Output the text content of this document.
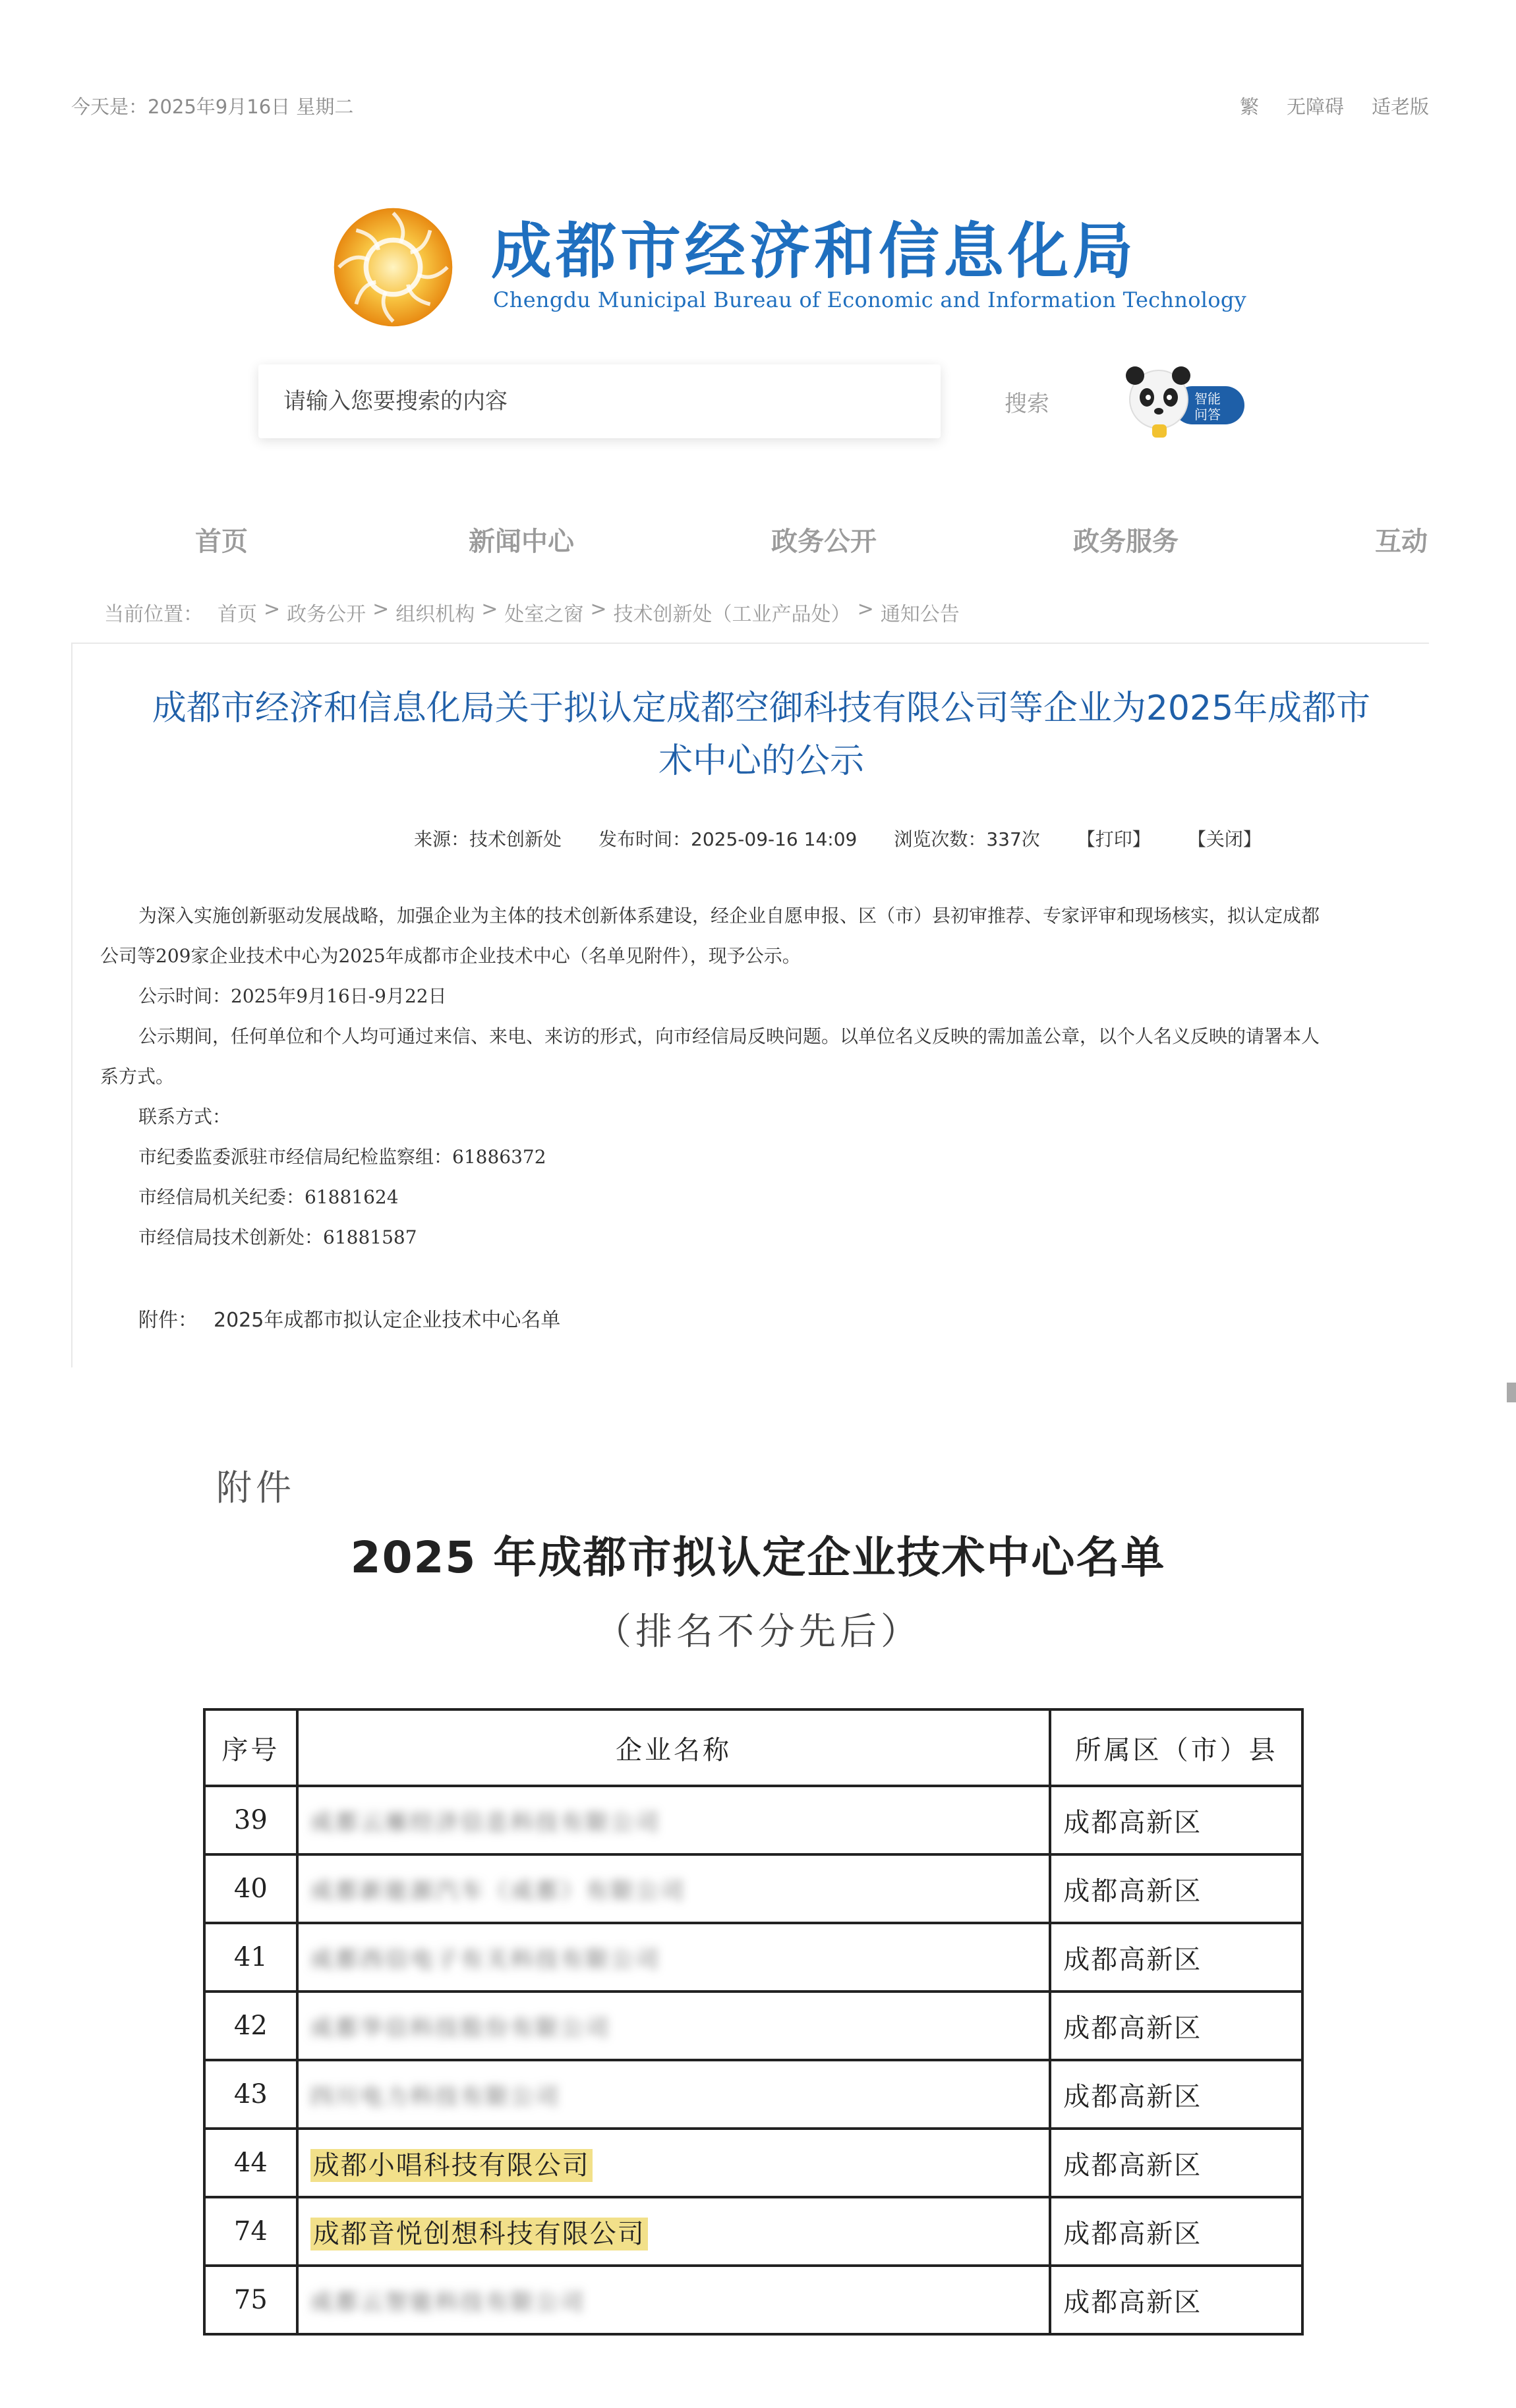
今天是：2025年9月16日 星期二	繁 无障碍 适老版
成都市经济和信息化局
Chengdu Municipal Bureau of Economic and Information Technology
请输入您要搜索的内容
搜索	智能
问答
首页	新闻中心	政务公开	政务服务	互动
当前位置： 首页 > 政务公开 > 组织机构 > 处室之窗 > 技术创新处（工业产品处） > 通知公告
成都市经济和信息化局关于拟认定成都空御科技有限公司等企业为2025年成都市
术中心的公示
来源：技术创新处 发布时间：2025-09-16 14:09 浏览次数：337次 【打印】 【关闭】
为深入实施创新驱动发展战略，加强企业为主体的技术创新体系建设，经企业自愿申报、区（市）县初审推荐、专家评审和现场核实，拟认定成都
公司等209家企业技术中心为2025年成都市企业技术中心（名单见附件），现予公示。
公示时间：2025年9月16日-9月22日
公示期间，任何单位和个人均可通过来信、来电、来访的形式，向市经信局反映问题。以单位名义反映的需加盖公章，以个人名义反映的请署本人
系方式。
联系方式：
市纪委监委派驻市经信局纪检监察组：61886372
市经信局机关纪委：61881624
市经信局技术创新处：61881587
附件： 2025年成都市拟认定企业技术中心名单
附件
2025 年成都市拟认定企业技术中心名单
（排名不分先后）
序号	企业名称	所属区（市）县
39	成都云雁经济信息科技有限公司	成都高新区
40	成都新能源汽车（成都）有限公司	成都高新区
41	成都西信电子有关科技有限公司	成都高新区
42	成都华信科技股份有限公司	成都高新区
43	四川电力科技有限公司	成都高新区
44	成都小唱科技有限公司	成都高新区
74	成都音悦创想科技有限公司	成都高新区
75	成都云智能科技有限公司	成都高新区
